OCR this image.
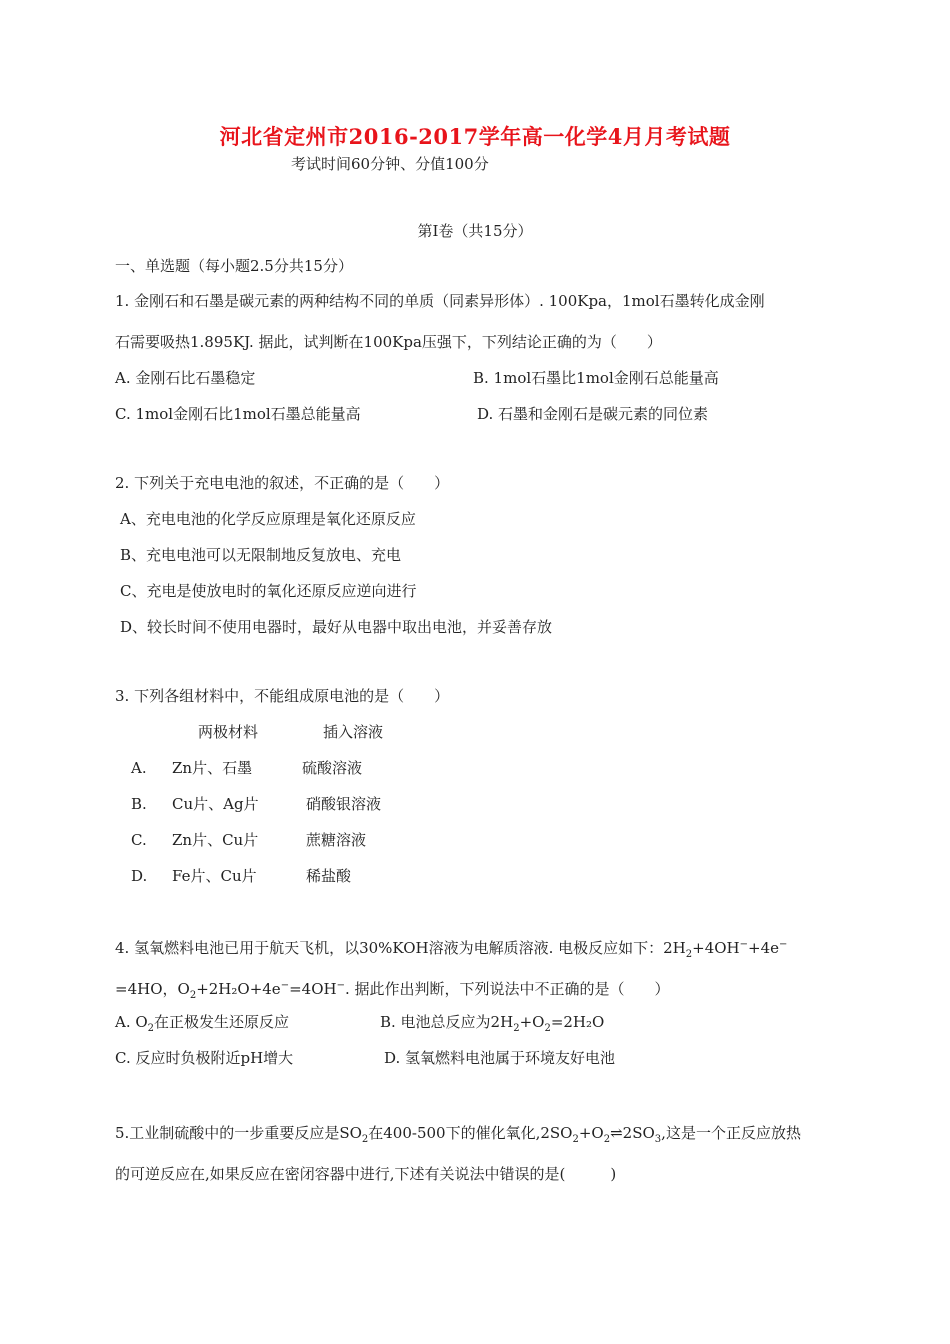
河北省定州市2016-2017学年高一化学4月月考试题
考试时间60分钟、分值100分
第I卷（共15分）
一、单选题（每小题2.5分共15分）
1. 金刚石和石墨是碳元素的两种结构不同的单质（同素异形体）. 100Kpa，1mol石墨转化成金刚
石需要吸热1.895KJ. 据此，试判断在100Kpa压强下，下列结论正确的为（　　）
A. 金刚石比石墨稳定	B. 1mol石墨比1mol金刚石总能量高
C. 1mol金刚石比1mol石墨总能量高	D. 石墨和金刚石是碳元素的同位素
2. 下列关于充电电池的叙述，不正确的是（　　）
A、充电电池的化学反应原理是氧化还原反应
B、充电电池可以无限制地反复放电、充电
C、充电是使放电时的氧化还原反应逆向进行
D、较长时间不使用电器时，最好从电器中取出电池，并妥善存放
3. 下列各组材料中，不能组成原电池的是（　　）
两极材料	插入溶液
A. Zn片、石墨	硫酸溶液
B. Cu片、Ag片	硝酸银溶液
C. Zn片、Cu片	蔗糖溶液
D. Fe片、Cu片	稀盐酸
4. 氢氧燃料电池已用于航天飞机，以30%KOH溶液为电解质溶液. 电极反应如下：$2H_2+4OH^-+4e^-$
=4HO，$O_2+2H_2O+4e^-=4OH^-$. 据此作出判断，下列说法中不正确的是（　　）
A. $O_2$在正极发生还原反应	B. 电池总反应为$2H_2+O_2=2H_2O$
C. 反应时负极附近pH增大	D. 氢氧燃料电池属于环境友好电池
5.工业制硫酸中的一步重要反应是$SO_2$在400-500下的催化氧化$,2SO_2+O_2\rightleftharpoons 2SO_3$,这是一个正反应放热
的可逆反应在,如果反应在密闭容器中进行,下述有关说法中错误的是(　　　)
